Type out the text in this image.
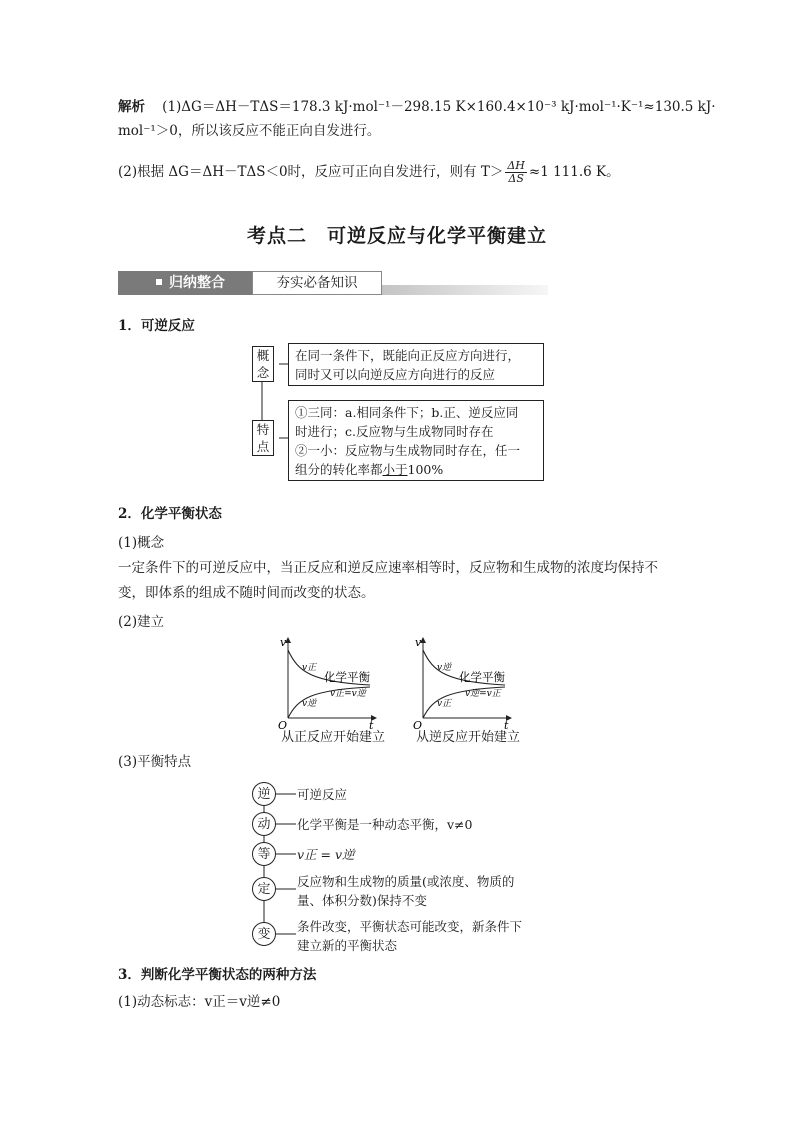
解析 (1)ΔG＝ΔH－TΔS＝178.3 kJ·mol⁻¹－298.15 K×160.4×10⁻³ kJ·mol⁻¹·K⁻¹≈130.5 kJ·
mol⁻¹＞0，所以该反应不能正向自发进行。
(2)根据 ΔG＝ΔH－TΔS＜0时，反应可正向自发进行，则有 $T> \frac{\Delta H}{\Delta S} \approx 1$ 111.6 K。
考点二　可逆反应与化学平衡建立
归纳整合	夯实必备知识
1．可逆反应
概念
特点
在同一条件下，既能向正反应方向进行，
同时又可以向逆反应方向进行的反应
①三同：a.相同条件下；b.正、逆反应同
时进行；c.反应物与生成物同时存在
②一小：反应物与生成物同时存在，任一
组分的转化率都小于100%
2．化学平衡状态
(1)概念
一定条件下的可逆反应中，当正反应和逆反应速率相等时，反应物和生成物的浓度均保持不
变，即体系的组成不随时间而改变的状态。
(2)建立
v
O	t
v正
v逆
化学平衡
v正=v逆
从正反应开始建立
v
O	t
v逆
v正
化学平衡
v逆=v正
从逆反应开始建立
(3)平衡特点
逆
动
等
定
变
可逆反应
化学平衡是一种动态平衡，v≠0
v正 = v逆
反应物和生成物的质量(或浓度、物质的
量、体积分数)保持不变
条件改变，平衡状态可能改变，新条件下
建立新的平衡状态
3．判断化学平衡状态的两种方法
(1)动态标志：v正＝v逆≠0
